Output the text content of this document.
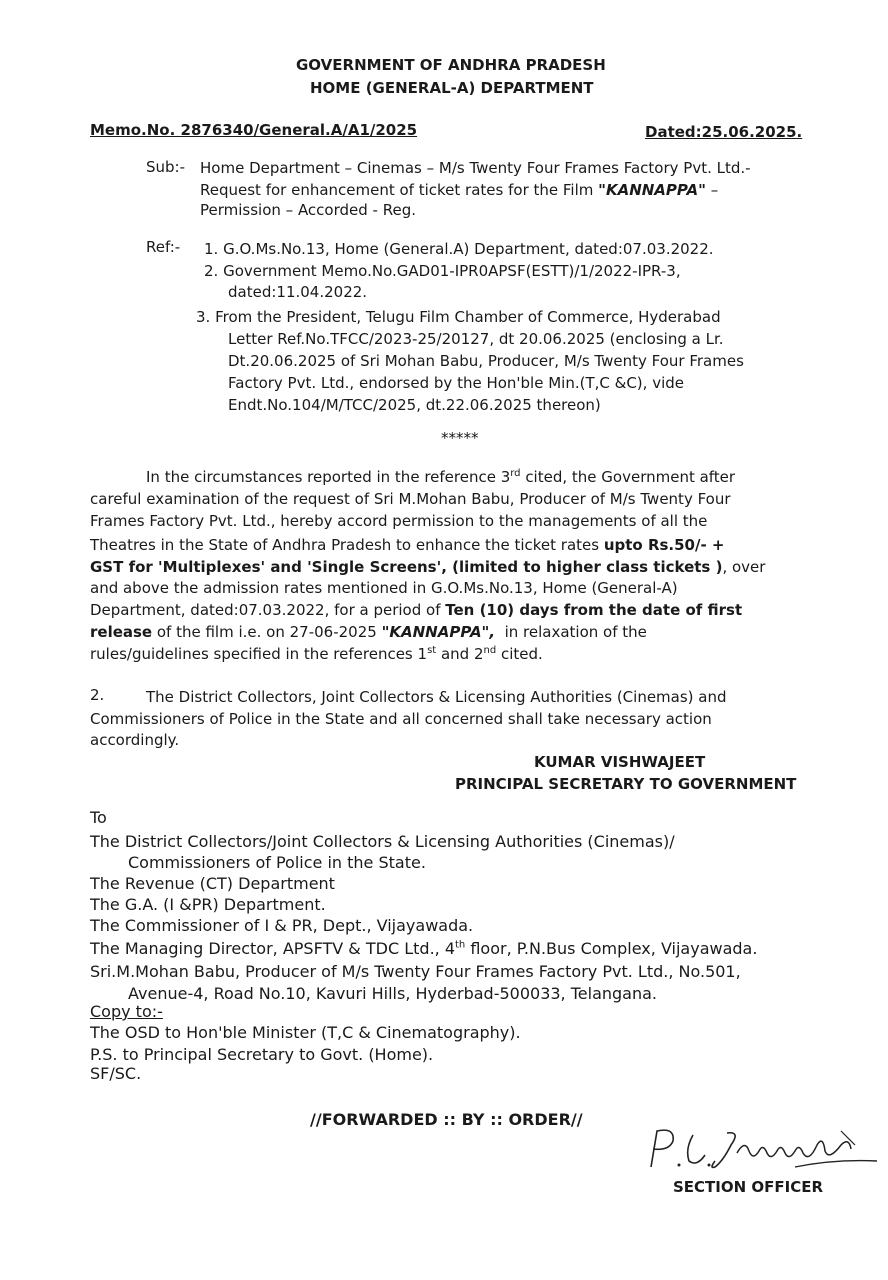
GOVERNMENT OF ANDHRA PRADESH
HOME (GENERAL-A) DEPARTMENT
Memo.No. 2876340/General.A/A1/2025	Dated:25.06.2025.
Sub:- Home Department – Cinemas – M/s Twenty Four Frames Factory Pvt. Ltd.-
Request for enhancement of ticket rates for the Film "KANNAPPA" –
Permission – Accorded - Reg.
Ref:- 1. G.O.Ms.No.13, Home (General.A) Department, dated:07.03.2022.
2. Government Memo.No.GAD01-IPR0APSF(ESTT)/1/2022-IPR-3,
dated:11.04.2022.
3. From the President, Telugu Film Chamber of Commerce, Hyderabad
Letter Ref.No.TFCC/2023-25/20127, dt 20.06.2025 (enclosing a Lr.
Dt.20.06.2025 of Sri Mohan Babu, Producer, M/s Twenty Four Frames
Factory Pvt. Ltd., endorsed by the Hon'ble Min.(T,C &C), vide
Endt.No.104/M/TCC/2025, dt.22.06.2025 thereon)
*****
In the circumstances reported in the reference 3rd cited, the Government after
careful examination of the request of Sri M.Mohan Babu, Producer of M/s Twenty Four
Frames Factory Pvt. Ltd., hereby accord permission to the managements of all the
Theatres in the State of Andhra Pradesh to enhance the ticket rates upto Rs.50/- +
GST for 'Multiplexes' and 'Single Screens', (limited to higher class tickets ), over
and above the admission rates mentioned in G.O.Ms.No.13, Home (General-A)
Department, dated:07.03.2022, for a period of Ten (10) days from the date of first
release of the film i.e. on 27-06-2025 "KANNAPPA",  in relaxation of the
rules/guidelines specified in the references 1st and 2nd cited.
2.	The District Collectors, Joint Collectors & Licensing Authorities (Cinemas) and
Commissioners of Police in the State and all concerned shall take necessary action
accordingly.
KUMAR VISHWAJEET
PRINCIPAL SECRETARY TO GOVERNMENT
To
The District Collectors/Joint Collectors & Licensing Authorities (Cinemas)/
Commissioners of Police in the State.
The Revenue (CT) Department
The G.A. (I &PR) Department.
The Commissioner of I & PR, Dept., Vijayawada.
The Managing Director, APSFTV & TDC Ltd., 4th floor, P.N.Bus Complex, Vijayawada.
Sri.M.Mohan Babu, Producer of M/s Twenty Four Frames Factory Pvt. Ltd., No.501,
Avenue-4, Road No.10, Kavuri Hills, Hyderbad-500033, Telangana.
Copy to:-
The OSD to Hon'ble Minister (T,C & Cinematography).
P.S. to Principal Secretary to Govt. (Home).
SF/SC.
//FORWARDED :: BY :: ORDER//
SECTION OFFICER
